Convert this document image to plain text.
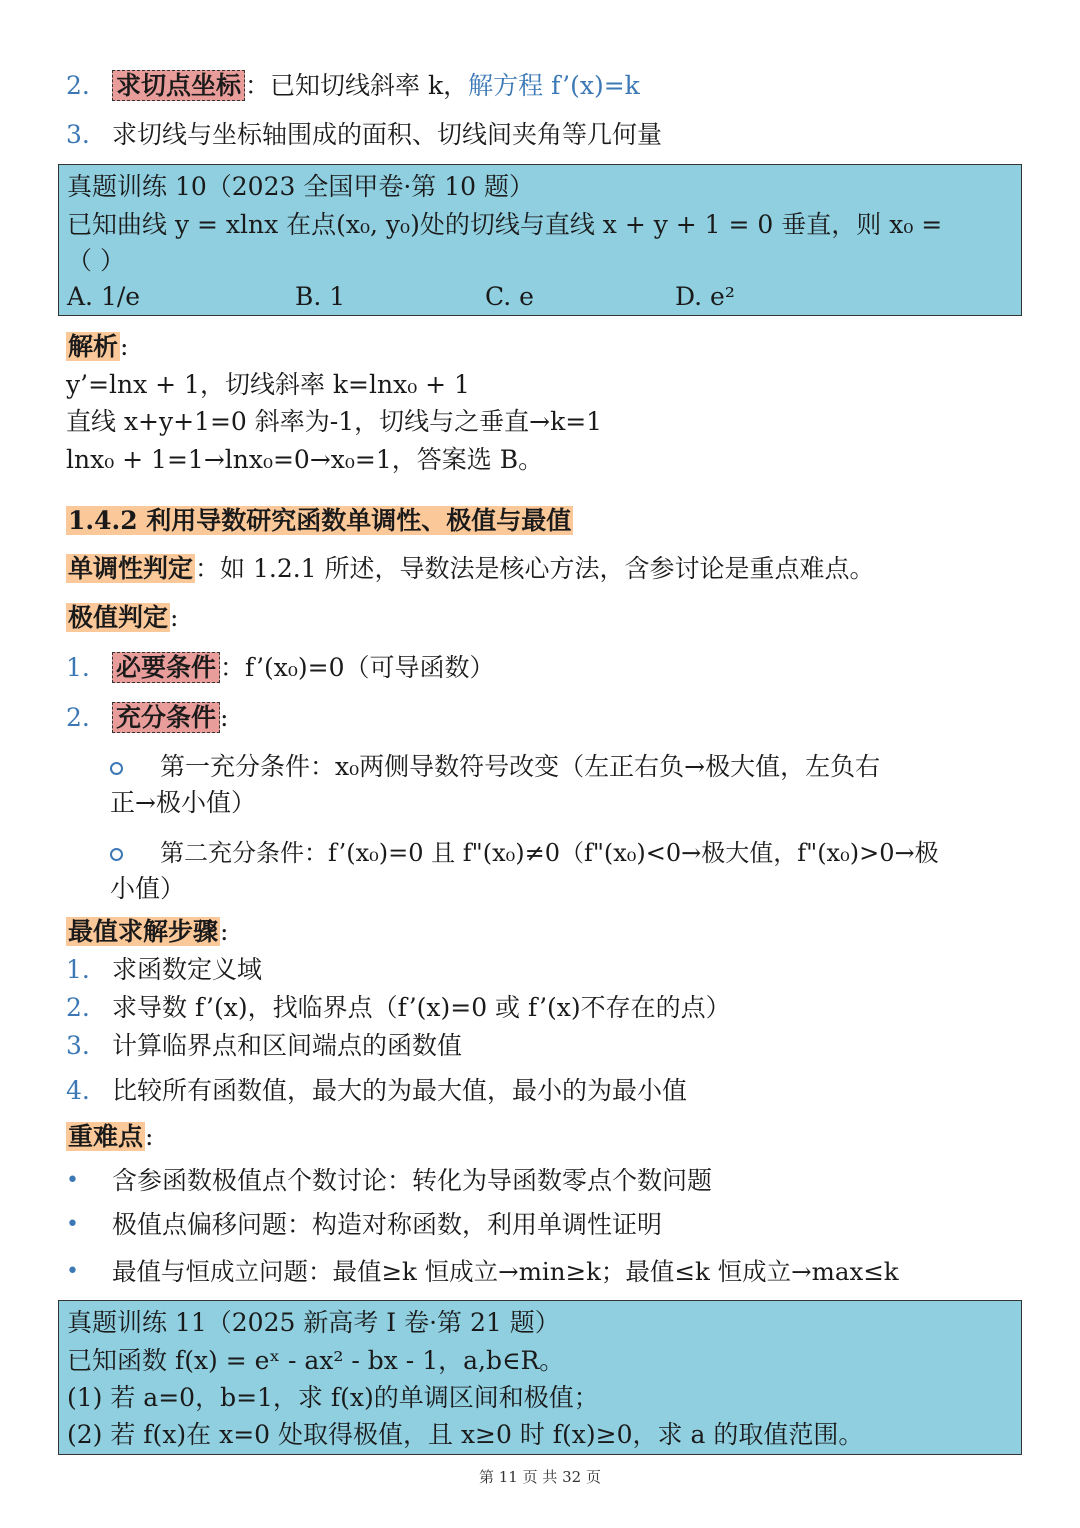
2. 求切点坐标 ：已知切线斜率 k，解方程 f’(x)=k
3. 求切线与坐标轴围成的面积、切线间夹角等几何量
真题训练 10（2023 全国甲卷·第 10 题）
已知曲线 y = xlnx 在点(x₀, y₀)处的切线与直线 x + y + 1 = 0 垂直，则 x₀ =
（ ）
A. 1/e	B. 1	C. e	D. e²
解析:
y’=lnx + 1，切线斜率 k=lnx₀ + 1
直线 x+y+1=0 斜率为-1，切线与之垂直→k=1
lnx₀ + 1=1→lnx₀=0→x₀=1，答案选 B。
1.4.2 利用导数研究函数单调性、极值与最值
单调性判定：如 1.2.1 所述，导数法是核心方法，含参讨论是重点难点。
极值判定:
1. 必要条件 ：f’(x₀)=0（可导函数）
2. 充分条件 :
第一充分条件：x₀两侧导数符号改变（左正右负→极大值，左负右
正→极小值）
第二充分条件：f’(x₀)=0 且 f"(x₀)≠0（f"(x₀)<0→极大值，f"(x₀)>0→极
小值）
最值求解步骤:
1. 求函数定义域
2. 求导数 f’(x)，找临界点（f’(x)=0 或 f’(x)不存在的点）
3. 计算临界点和区间端点的函数值
4. 比较所有函数值，最大的为最大值，最小的为最小值
重难点:
• 含参函数极值点个数讨论：转化为导函数零点个数问题
• 极值点偏移问题：构造对称函数，利用单调性证明
• 最值与恒成立问题：最值≥k 恒成立→min≥k；最值≤k 恒成立→max≤k
真题训练 11（2025 新高考 I 卷·第 21 题）
已知函数 f(x) = eˣ - ax² - bx - 1，a,b∈R。
(1) 若 a=0，b=1，求 f(x)的单调区间和极值；
(2) 若 f(x)在 x=0 处取得极值，且 x≥0 时 f(x)≥0，求 a 的取值范围。
第 11 页 共 32 页
